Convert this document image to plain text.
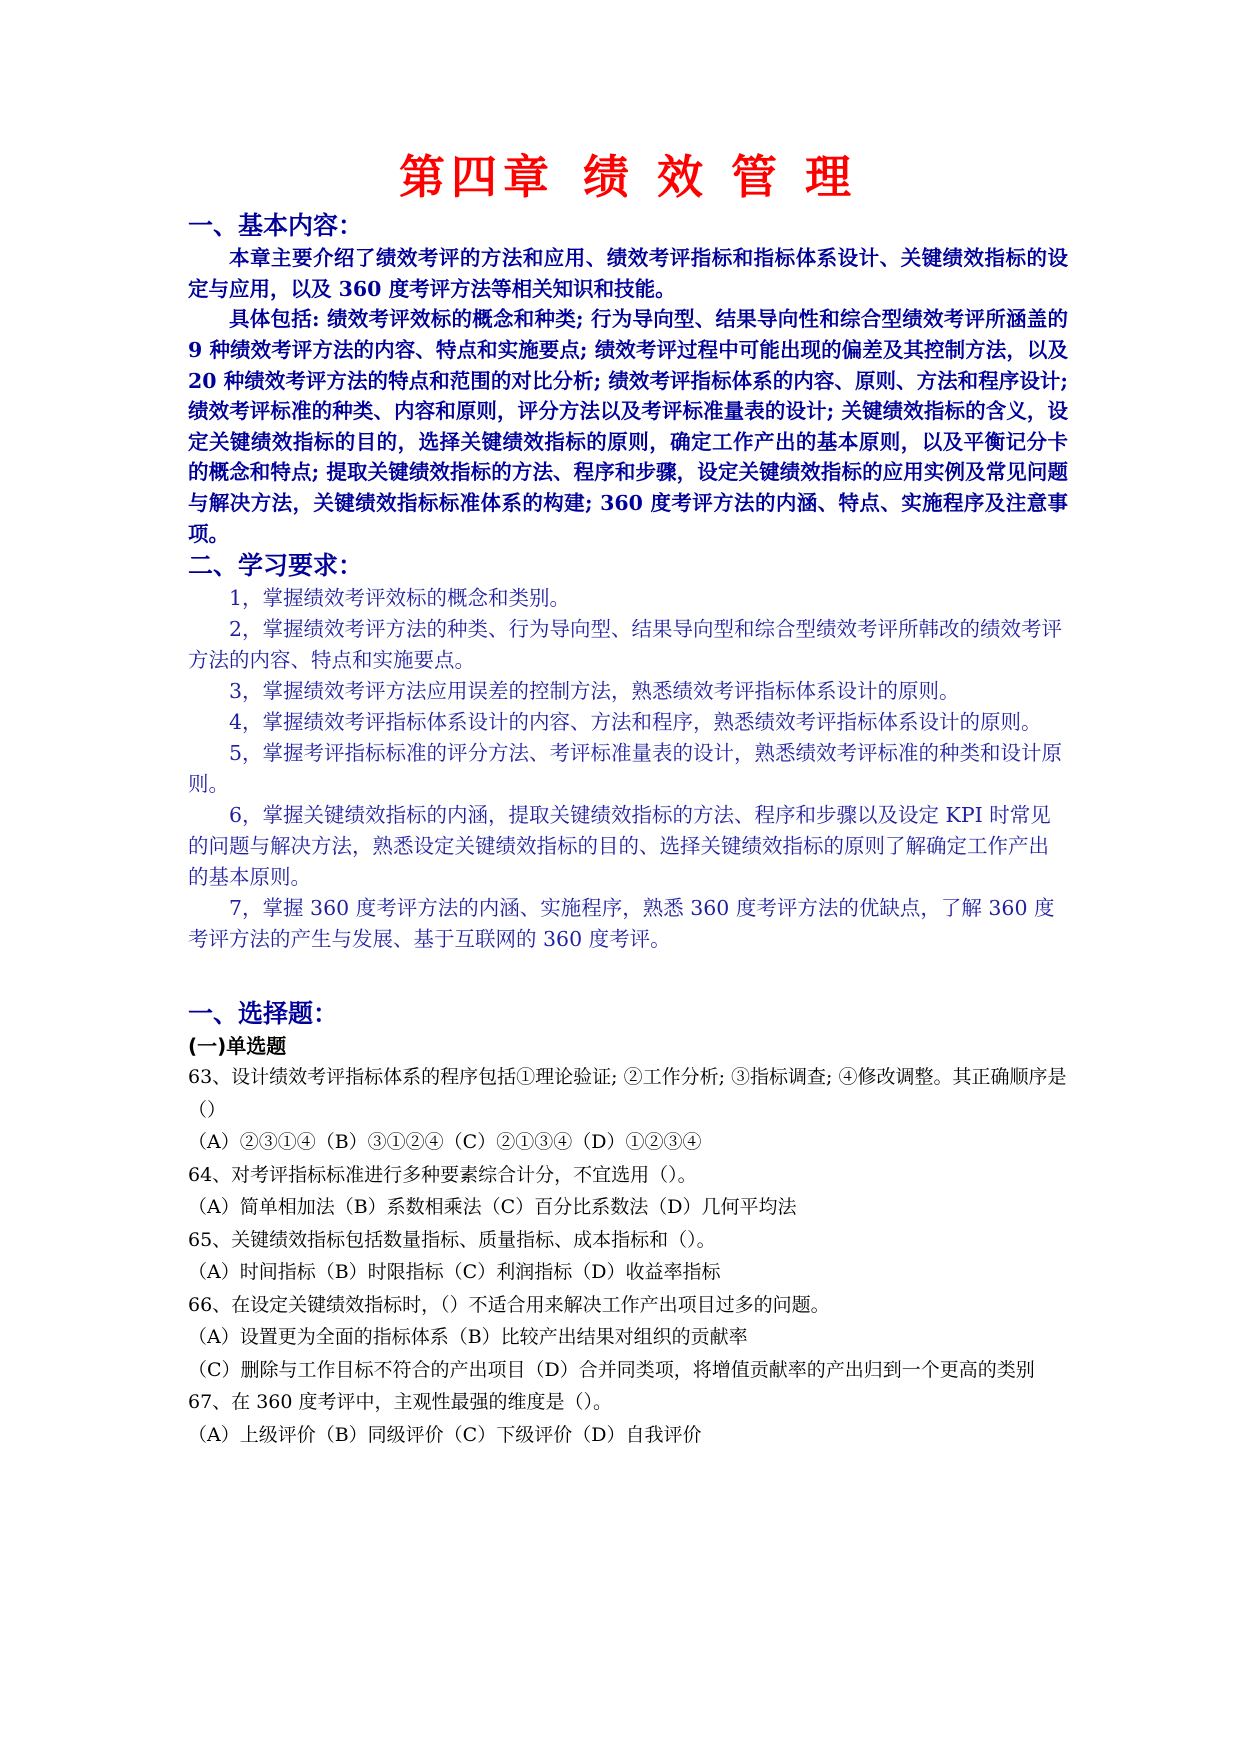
第四章 绩 效 管 理
一、基本内容：

本章主要介绍了绩效考评的方法和应用、绩效考评指标和指标体系设计、关键绩效指标的设定与应用，以及 360 度考评方法等相关知识和技能。

具体包括: 绩效考评效标的概念和种类; 行为导向型、结果导向性和综合型绩效考评所涵盖的 9 种绩效考评方法的内容、特点和实施要点; 绩效考评过程中可能出现的偏差及其控制方法，以及 20 种绩效考评方法的特点和范围的对比分析; 绩效考评指标体系的内容、原则、方法和程序设计; 绩效考评标准的种类、内容和原则，评分方法以及考评标准量表的设计; 关键绩效指标的含义，设定关键绩效指标的目的，选择关键绩效指标的原则，确定工作产出的基本原则，以及平衡记分卡的概念和特点; 提取关键绩效指标的方法、程序和步骤，设定关键绩效指标的应用实例及常见问题与解决方法，关键绩效指标标准体系的构建; 360 度考评方法的内涵、特点、实施程序及注意事项。

二、学习要求：

1，掌握绩效考评效标的概念和类别。

2，掌握绩效考评方法的种类、行为导向型、结果导向型和综合型绩效考评所韩改的绩效考评方法的内容、特点和实施要点。

3，掌握绩效考评方法应用误差的控制方法，熟悉绩效考评指标体系设计的原则。

4，掌握绩效考评指标体系设计的内容、方法和程序，熟悉绩效考评指标体系设计的原则。

5，掌握考评指标标准的评分方法、考评标准量表的设计，熟悉绩效考评标准的种类和设计原则。

6，掌握关键绩效指标的内涵，提取关键绩效指标的方法、程序和步骤以及设定 KPI 时常见的问题与解决方法，熟悉设定关键绩效指标的目的、选择关键绩效指标的原则了解确定工作产出的基本原则。

7，掌握 360 度考评方法的内涵、实施程序，熟悉 360 度考评方法的优缺点，了解 360 度考评方法的产生与发展、基于互联网的 360 度考评。

一、选择题：
(一)单选题

63、设计绩效考评指标体系的程序包括①理论验证; ②工作分析; ③指标调查; ④修改调整。其正确顺序是（）

（A）②③①④（B）③①②④（C）②①③④（D）①②③④

64、对考评指标标准进行多种要素综合计分，不宜选用（）。

（A）简单相加法（B）系数相乘法（C）百分比系数法（D）几何平均法

65、关键绩效指标包括数量指标、质量指标、成本指标和（）。

（A）时间指标（B）时限指标（C）利润指标（D）收益率指标

66、在设定关键绩效指标时，（）不适合用来解决工作产出项目过多的问题。

（A）设置更为全面的指标体系（B）比较产出结果对组织的贡献率

（C）删除与工作目标不符合的产出项目（D）合并同类项，将增值贡献率的产出归到一个更高的类别

67、在 360 度考评中，主观性最强的维度是（）。

（A）上级评价（B）同级评价（C）下级评价（D）自我评价
